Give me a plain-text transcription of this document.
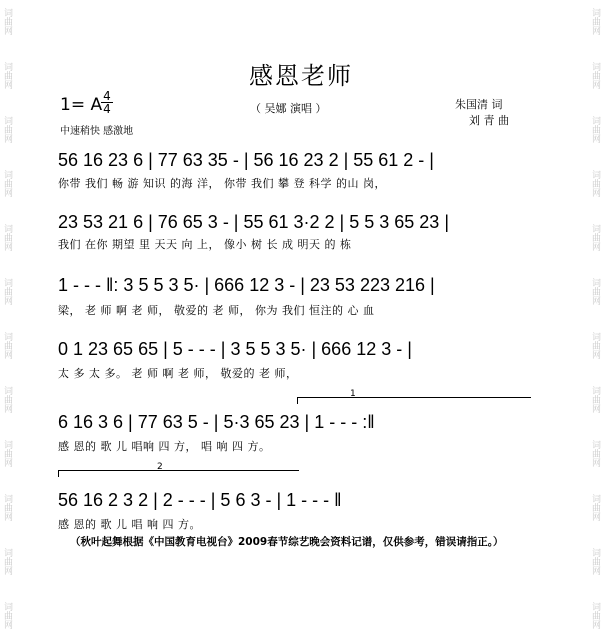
词曲网
词曲网
词曲网
词曲网
词曲网
词曲网
词曲网
词曲网
词曲网
词曲网
词曲网
词曲网
词曲网
词曲网
词曲网
词曲网
词曲网
词曲网
词曲网
词曲网
词曲网
词曲网
词曲网
词曲网
感恩老师
1= A 4
4	（ 吴娜 演唱 ）
中速稍快 感激地
朱国清 词
刘 青 曲
56 16 23 6 | 77 63 35 - | 56 16 23 2 | 55 61 2 - |
你带 我们 畅 游 知识 的海 洋， 你带 我们 攀 登 科学 的山 岗，
23 53 21 6 | 76 65 3 - | 55 61 3·2 2 | 5 5 3 65 23 |
我们 在你 期望 里 天天 向 上， 像小 树 长 成 明天 的 栋
1 - - - ‖: 3 5 5 3 5· | 666 12 3 - | 23 53 223 216 |
梁， 老 师 啊 老 师， 敬爱的 老 师， 你为 我们 恒注的 心 血
0 1 23 65 65 | 5 - - - | 3 5 5 3 5· | 666 12 3 - |
太 多 太 多。 老 师 啊 老 师， 敬爱的 老 师，
1
6 16 3 6 | 77 63 5 - | 5·3 65 23 | 1 - - - :‖
感 恩的 歌 儿 唱响 四 方， 唱 响 四 方。
2
56 16 2 3 2 | 2 - - - | 5 6 3 - | 1 - - - ‖
感 恩的 歌 儿 唱 响 四 方。
（秋叶起舞根据《中国教育电视台》2009春节综艺晚会资料记谱，仅供参考，错误请指正。）
